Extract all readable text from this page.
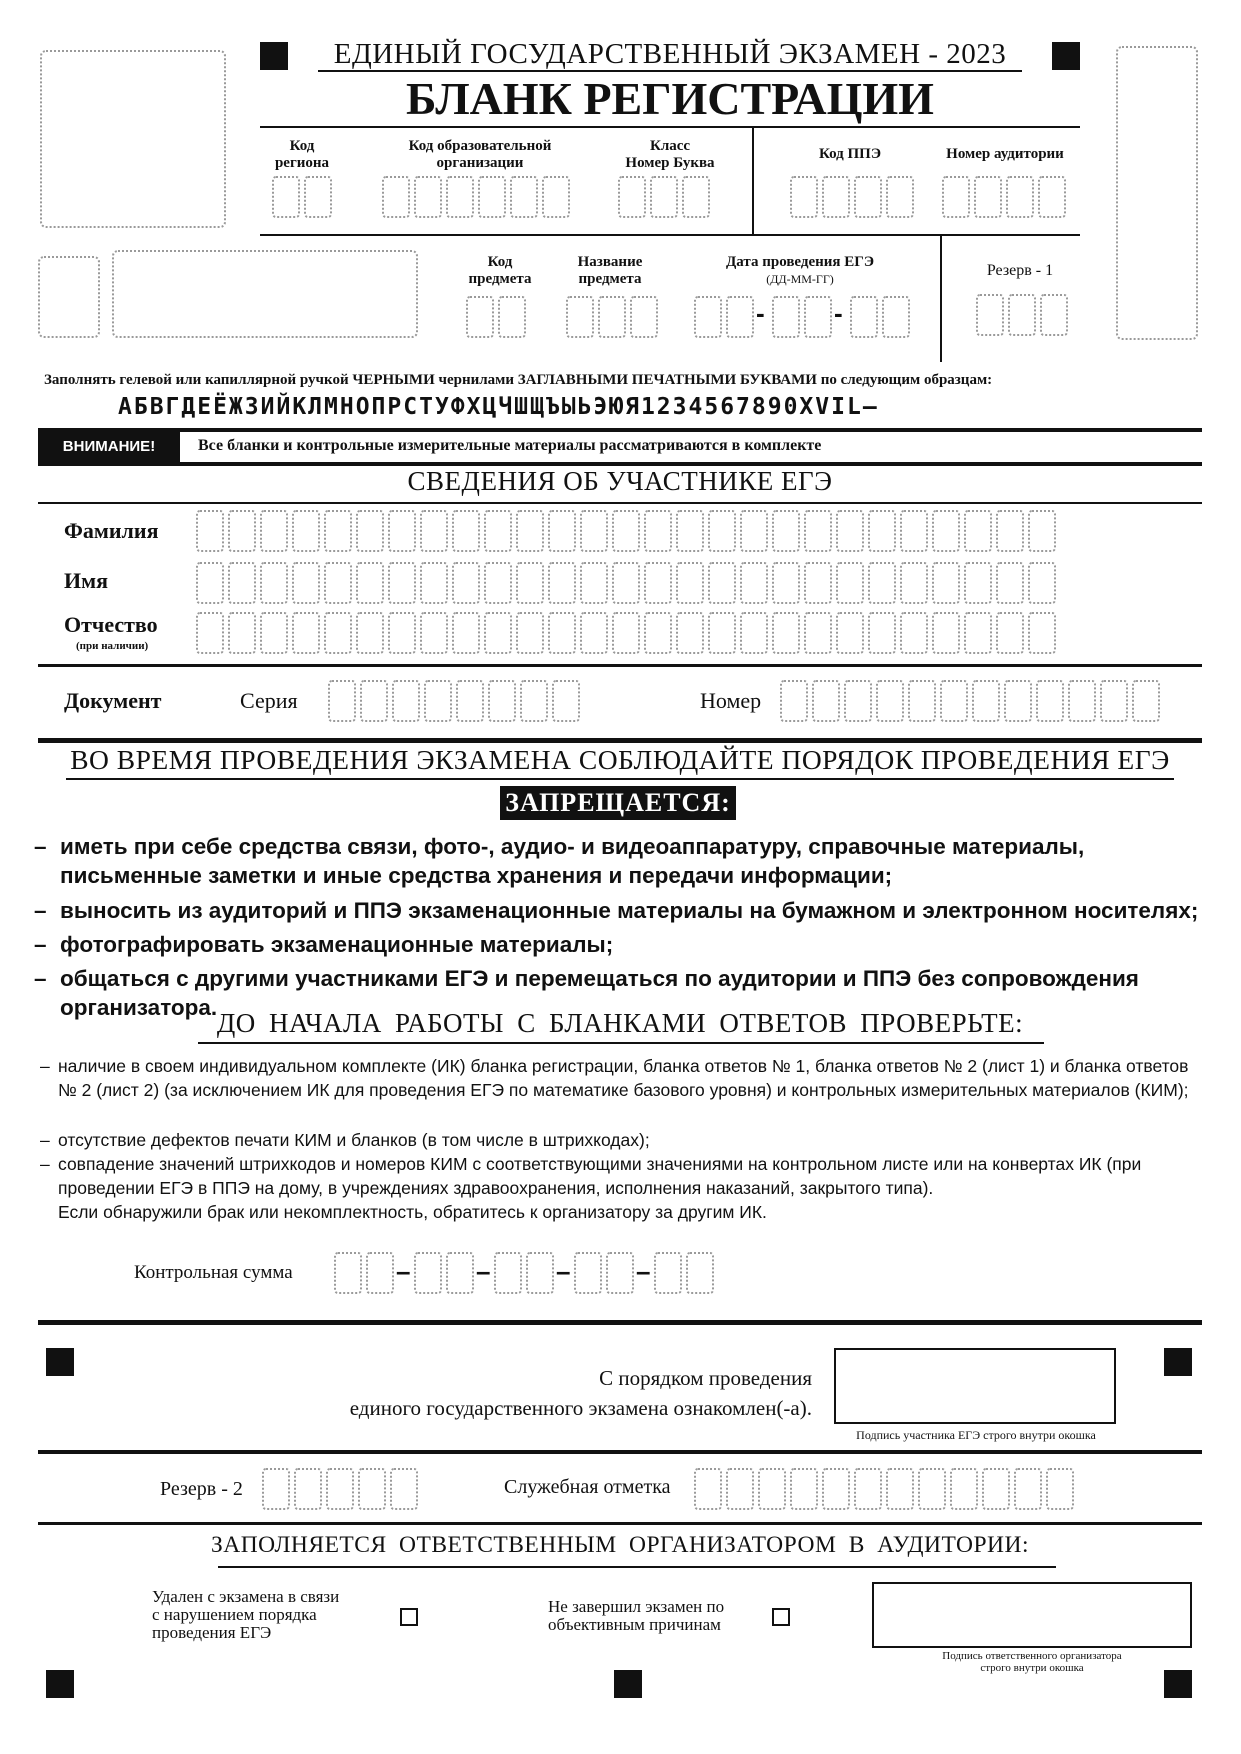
ЕДИНЫЙ ГОСУДАРСТВЕННЫЙ ЭКЗАМЕН - 2023
БЛАНК РЕГИСТРАЦИИ
Код
региона
Код образовательной
организации
Класс
Номер Буква
Код ППЭ	Номер аудитории
Код
предмета
Название
предмета
Дата проведения ЕГЭ
(ДД-ММ-ГГ)	Резерв - 1
-	-
Заполнять гелевой или капиллярной ручкой ЧЕРНЫМИ чернилами ЗАГЛАВНЫМИ ПЕЧАТНЫМИ БУКВАМИ по следующим образцам:
АБВГДЕЁЖЗИЙКЛМНОПРСТУФХЦЧШЩЪЫЬЭЮЯ1234567890XVIL–
ВНИМАНИЕ!	Все бланки и контрольные измерительные материалы рассматриваются в комплекте
СВЕДЕНИЯ ОБ УЧАСТНИКЕ ЕГЭ
Фамилия
Имя
Отчество
(при наличии)
Документ	Серия	Номер
ВО ВРЕМЯ ПРОВЕДЕНИЯ ЭКЗАМЕНА СОБЛЮДАЙТЕ ПОРЯДОК ПРОВЕДЕНИЯ ЕГЭ
ЗАПРЕЩАЕТСЯ:
– иметь при себе средства связи, фото-, аудио- и видеоаппаратуру, справочные материалы, письменные заметки и иные средства хранения и передачи информации;
– выносить из аудиторий и ППЭ экзаменационные материалы на бумажном и электронном носителях;
– фотографировать экзаменационные материалы;
– общаться с другими участниками ЕГЭ и перемещаться по аудитории и ППЭ без сопровождения организатора.
ДО НАЧАЛА РАБОТЫ С БЛАНКАМИ ОТВЕТОВ ПРОВЕРЬТЕ:
– наличие в своем индивидуальном комплекте (ИК) бланка регистрации, бланка ответов № 1, бланка ответов № 2 (лист 1) и бланка ответов № 2 (лист 2) (за исключением ИК для проведения ЕГЭ по математике базового уровня) и контрольных измерительных материалов (КИМ);
– отсутствие дефектов печати КИМ и бланков (в том числе в штрихкодах);
– совпадение значений штрихкодов и номеров КИМ с соответствующими значениями на контрольном листе или на конвертах ИК (при проведении ЕГЭ в ППЭ на дому, в учреждениях здравоохранения, исполнения наказаний, закрытого типа).
Если обнаружили брак или некомплектность, обратитесь к организатору за другим ИК.
Контрольная сумма	–	–	–	–
С порядком проведения
единого государственного экзамена ознакомлен(-а).
Подпись участника ЕГЭ строго внутри окошка
Резерв - 2	Служебная отметка
ЗАПОЛНЯЕТСЯ ОТВЕТСТВЕННЫМ ОРГАНИЗАТОРОМ В АУДИТОРИИ:
Удален с экзамена в связи
с нарушением порядка
проведения ЕГЭ
Не завершил экзамен по
объективным причинам
Подпись ответственного организатора
строго внутри окошка
